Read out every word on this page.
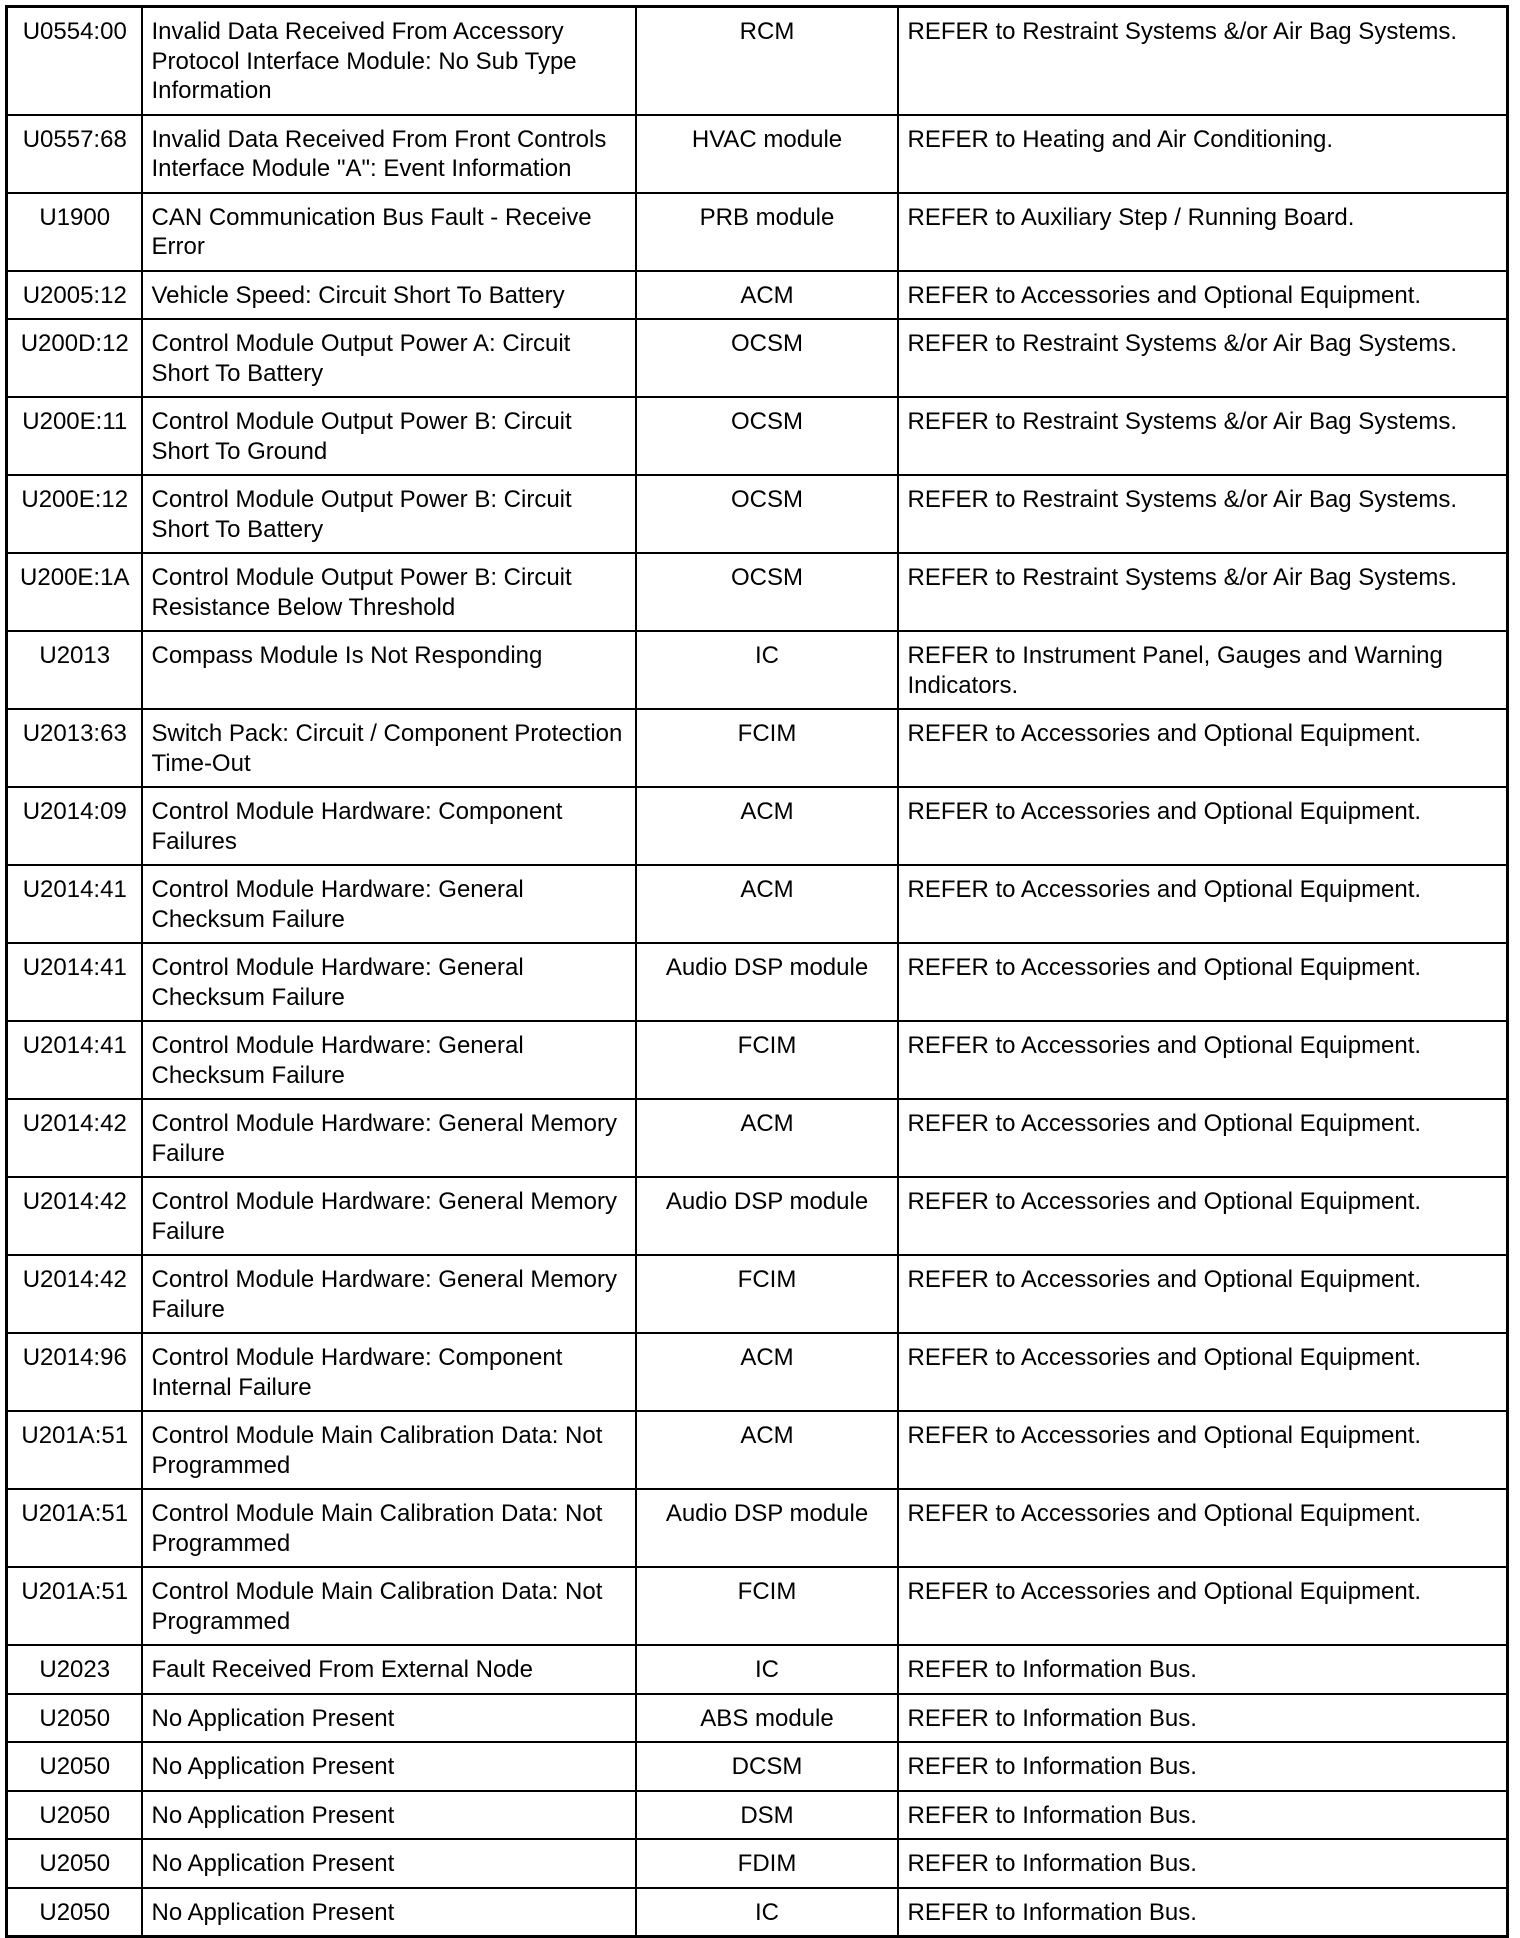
U0554:00	Invalid Data Received From Accessory Protocol Interface Module: No Sub Type Information	RCM	REFER to Restraint Systems &/or Air Bag Systems.
U0557:68	Invalid Data Received From Front Controls Interface Module "A": Event Information	HVAC module	REFER to Heating and Air Conditioning.
U1900	CAN Communication Bus Fault - Receive Error	PRB module	REFER to Auxiliary Step / Running Board.
U2005:12	Vehicle Speed: Circuit Short To Battery	ACM	REFER to Accessories and Optional Equipment.
U200D:12	Control Module Output Power A: Circuit Short To Battery	OCSM	REFER to Restraint Systems &/or Air Bag Systems.
U200E:11	Control Module Output Power B: Circuit Short To Ground	OCSM	REFER to Restraint Systems &/or Air Bag Systems.
U200E:12	Control Module Output Power B: Circuit Short To Battery	OCSM	REFER to Restraint Systems &/or Air Bag Systems.
U200E:1A	Control Module Output Power B: Circuit Resistance Below Threshold	OCSM	REFER to Restraint Systems &/or Air Bag Systems.
U2013	Compass Module Is Not Responding	IC	REFER to Instrument Panel, Gauges and Warning Indicators.
U2013:63	Switch Pack: Circuit / Component Protection Time-Out	FCIM	REFER to Accessories and Optional Equipment.
U2014:09	Control Module Hardware: Component Failures	ACM	REFER to Accessories and Optional Equipment.
U2014:41	Control Module Hardware: General Checksum Failure	ACM	REFER to Accessories and Optional Equipment.
U2014:41	Control Module Hardware: General Checksum Failure	Audio DSP module	REFER to Accessories and Optional Equipment.
U2014:41	Control Module Hardware: General Checksum Failure	FCIM	REFER to Accessories and Optional Equipment.
U2014:42	Control Module Hardware: General Memory Failure	ACM	REFER to Accessories and Optional Equipment.
U2014:42	Control Module Hardware: General Memory Failure	Audio DSP module	REFER to Accessories and Optional Equipment.
U2014:42	Control Module Hardware: General Memory Failure	FCIM	REFER to Accessories and Optional Equipment.
U2014:96	Control Module Hardware: Component Internal Failure	ACM	REFER to Accessories and Optional Equipment.
U201A:51	Control Module Main Calibration Data: Not Programmed	ACM	REFER to Accessories and Optional Equipment.
U201A:51	Control Module Main Calibration Data: Not Programmed	Audio DSP module	REFER to Accessories and Optional Equipment.
U201A:51	Control Module Main Calibration Data: Not Programmed	FCIM	REFER to Accessories and Optional Equipment.
U2023	Fault Received From External Node	IC	REFER to Information Bus.
U2050	No Application Present	ABS module	REFER to Information Bus.
U2050	No Application Present	DCSM	REFER to Information Bus.
U2050	No Application Present	DSM	REFER to Information Bus.
U2050	No Application Present	FDIM	REFER to Information Bus.
U2050	No Application Present	IC	REFER to Information Bus.
